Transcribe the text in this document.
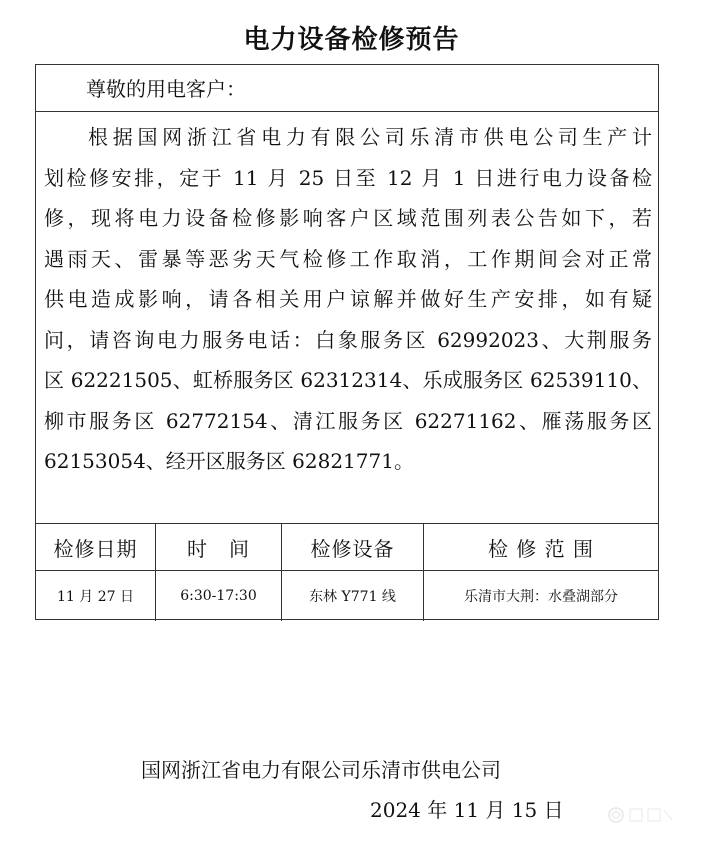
电力设备检修预告
尊敬的用电客户：
根据国网浙江省电力有限公司乐清市供电公司生产计
划检修安排，定于 11 月 25 日至 12 月 1 日进行电力设备检
修，现将电力设备检修影响客户区域范围列表公告如下，若
遇雨天、雷暴等恶劣天气检修工作取消，工作期间会对正常
供电造成影响，请各相关用户谅解并做好生产安排，如有疑
问，请咨询电力服务电话：白象服务区 62992023、大荆服务
区 62221505、虹桥服务区 62312314、乐成服务区 62539110、
柳市服务区 62772154、清江服务区 62271162、雁荡服务区
62153054、经开区服务区 62821771。
检修日期	时　间	检修设备	检 修 范 围
11 月 27 日	6:30-17:30	东林 Y771 线	乐清市大荆：水叠湖部分
国网浙江省电力有限公司乐清市供电公司
2024 年 11 月 15 日
